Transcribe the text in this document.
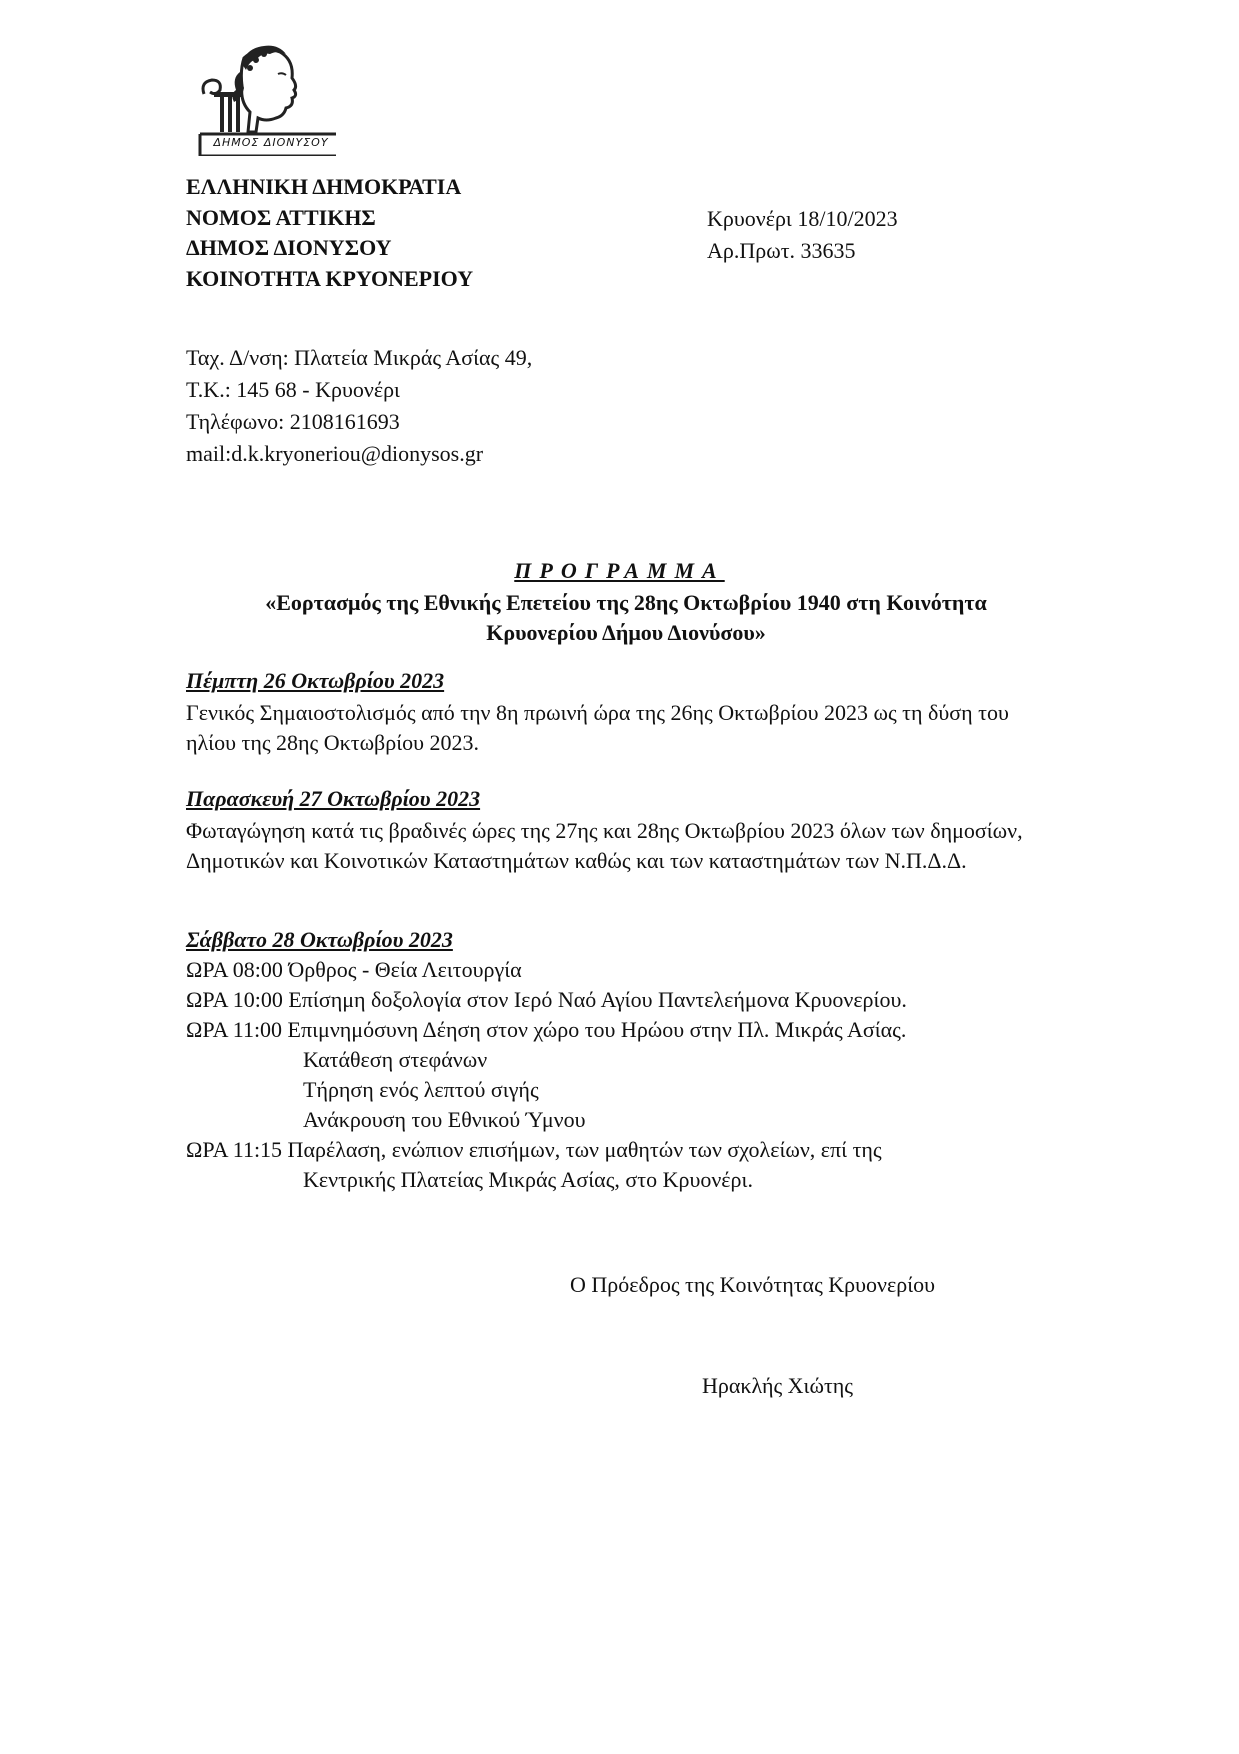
ΔΗΜΟΣ ΔΙΟΝΥΣΟΥ
ΕΛΛΗΝΙΚΗ ΔΗΜΟΚΡΑΤΙΑ
ΝΟΜΟΣ ΑΤΤΙΚΗΣ
ΔΗΜΟΣ ΔΙΟΝΥΣΟΥ
ΚΟΙΝΟΤΗΤΑ ΚΡΥΟΝΕΡΙΟΥ
Κρυονέρι 18/10/2023
Αρ.Πρωτ. 33635
Ταχ. Δ/νση: Πλατεία Μικράς Ασίας 49,
Τ.Κ.: 145 68 - Κρυονέρι
Τηλέφωνο: 2108161693
mail:d.k.kryoneriou@dionysos.gr
ΠΡΟΓΡΑΜΜΑ
«Εορτασμός της Εθνικής Επετείου της 28ης Οκτωβρίου 1940 στη Κοινότητα
Κρυονερίου Δήμου Διονύσου»
Πέμπτη 26 Οκτωβρίου 2023
Γενικός Σημαιοστολισμός από την 8η πρωινή ώρα της 26ης Οκτωβρίου 2023 ως τη δύση του ηλίου της 28ης Οκτωβρίου 2023.
Παρασκευή 27 Οκτωβρίου 2023
Φωταγώγηση κατά τις βραδινές ώρες της 27ης και 28ης Οκτωβρίου 2023 όλων των δημοσίων, Δημοτικών και Κοινοτικών Καταστημάτων καθώς και των καταστημάτων των Ν.Π.Δ.Δ.
Σάββατο 28 Οκτωβρίου 2023
ΩΡΑ 08:00 Όρθρος - Θεία Λειτουργία
ΩΡΑ 10:00 Επίσημη δοξολογία στον Ιερό Ναό Αγίου Παντελεήμονα Κρυονερίου.
ΩΡΑ 11:00 Επιμνημόσυνη Δέηση στον χώρο του Ηρώου στην Πλ. Μικράς Ασίας.
Κατάθεση στεφάνων
Τήρηση ενός λεπτού σιγής
Ανάκρουση του Εθνικού Ύμνου
ΩΡΑ 11:15 Παρέλαση, ενώπιον επισήμων, των μαθητών των σχολείων, επί της
Κεντρικής Πλατείας Μικράς Ασίας, στο Κρυονέρι.
Ο Πρόεδρος της Κοινότητας Κρυονερίου
Ηρακλής Χιώτης
